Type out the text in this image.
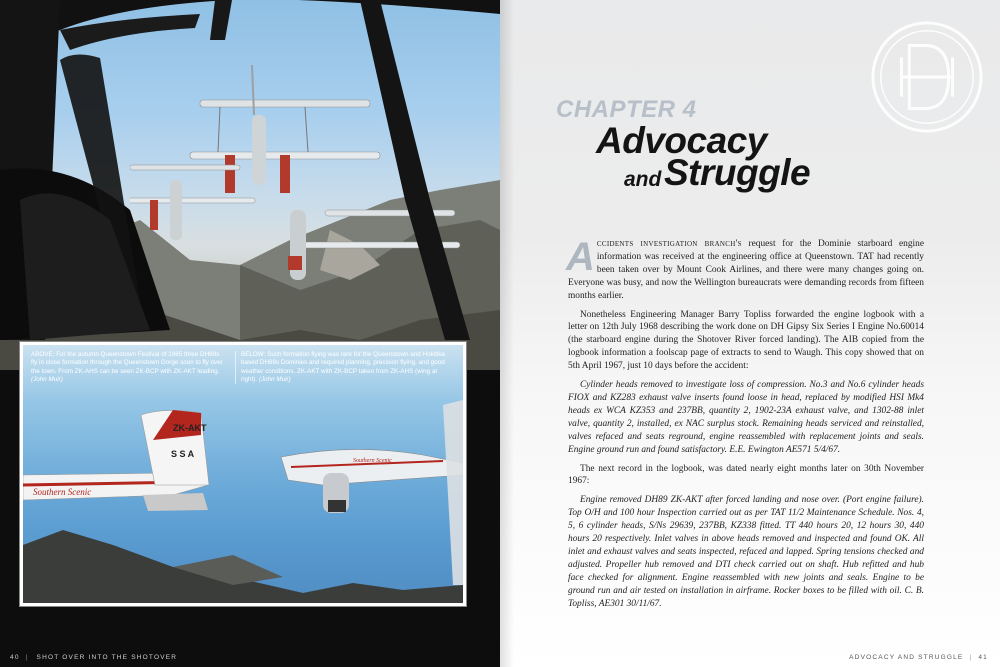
ABOVE: For the autumn Queenstown Festival of 1965 three DH89s fly in close formation through the Queenstown Gorge soon to fly over the town. From ZK-AHS can be seen ZK-BCP with ZK-AKT leading. (John Muir)
BELOW: Such formation flying was rare for the Queenstown and Hokitika based DH89s Dominies and required planning, precision flying, and good weather conditions. ZK-AKT with ZK-BCP taken from ZK-AHS (wing at right). (John Muir)
ZK-AKT
S S A
Southern Scenic
Southern Scenic
40 | SHOT OVER INTO THE SHOTOVER
CHAPTER 4
Advocacy
and Struggle

Accidents investigation branch's request for the Dominie starboard engine information was received at the engineering office at Queenstown. TAT had recently been taken over by Mount Cook Airlines, and there were many changes going on. Everyone was busy, and now the Wellington bureaucrats were demanding records from fifteen months earlier.

Nonetheless Engineering Manager Barry Topliss forwarded the engine logbook with a letter on 12th July 1968 describing the work done on DH Gipsy Six Series I Engine No.60014 (the starboard engine during the Shotover River forced landing). The AIB copied from the logbook information a foolscap page of extracts to send to Waugh. This copy showed that on 5th April 1967, just 10 days before the accident:

Cylinder heads removed to investigate loss of compression. No.3 and No.6 cylinder heads FIOX and KZ283 exhaust valve inserts found loose in head, replaced by modified HSI Mk4 heads ex WCA KZ353 and 237BB, quantity 2, 1902-23A exhaust valve, and 1302-88 inlet valve, quantity 2, installed, ex NAC surplus stock. Remaining heads serviced and reinstalled, valves refaced and seats reground, engine reassembled with replacement joints and seals. Engine ground run and found satisfactory. E.E. Ewington AE571 5/4/67.

The next record in the logbook, was dated nearly eight months later on 30th November 1967:

Engine removed DH89 ZK-AKT after forced landing and nose over. (Port engine failure). Top O/H and 100 hour Inspection carried out as per TAT 11/2 Maintenance Schedule. Nos. 4, 5, 6 cylinder heads, S/Ns 29639, 237BB, KZ338 fitted. TT 440 hours 20, 12 hours 30, 440 hours 20 respectively. Inlet valves in above heads removed and inspected and found OK. All inlet and exhaust valves and seats inspected, refaced and lapped. Spring tensions checked and adjusted. Propeller hub removed and DTI check carried out on shaft. Hub refitted and hub face checked for alignment. Engine reassembled with new joints and seals. Engine to be ground run and air tested on installation in airframe. Rocker boxes to be filled with oil. C. B. Topliss, AE301 30/11/67.

ADVOCACY AND STRUGGLE | 41
